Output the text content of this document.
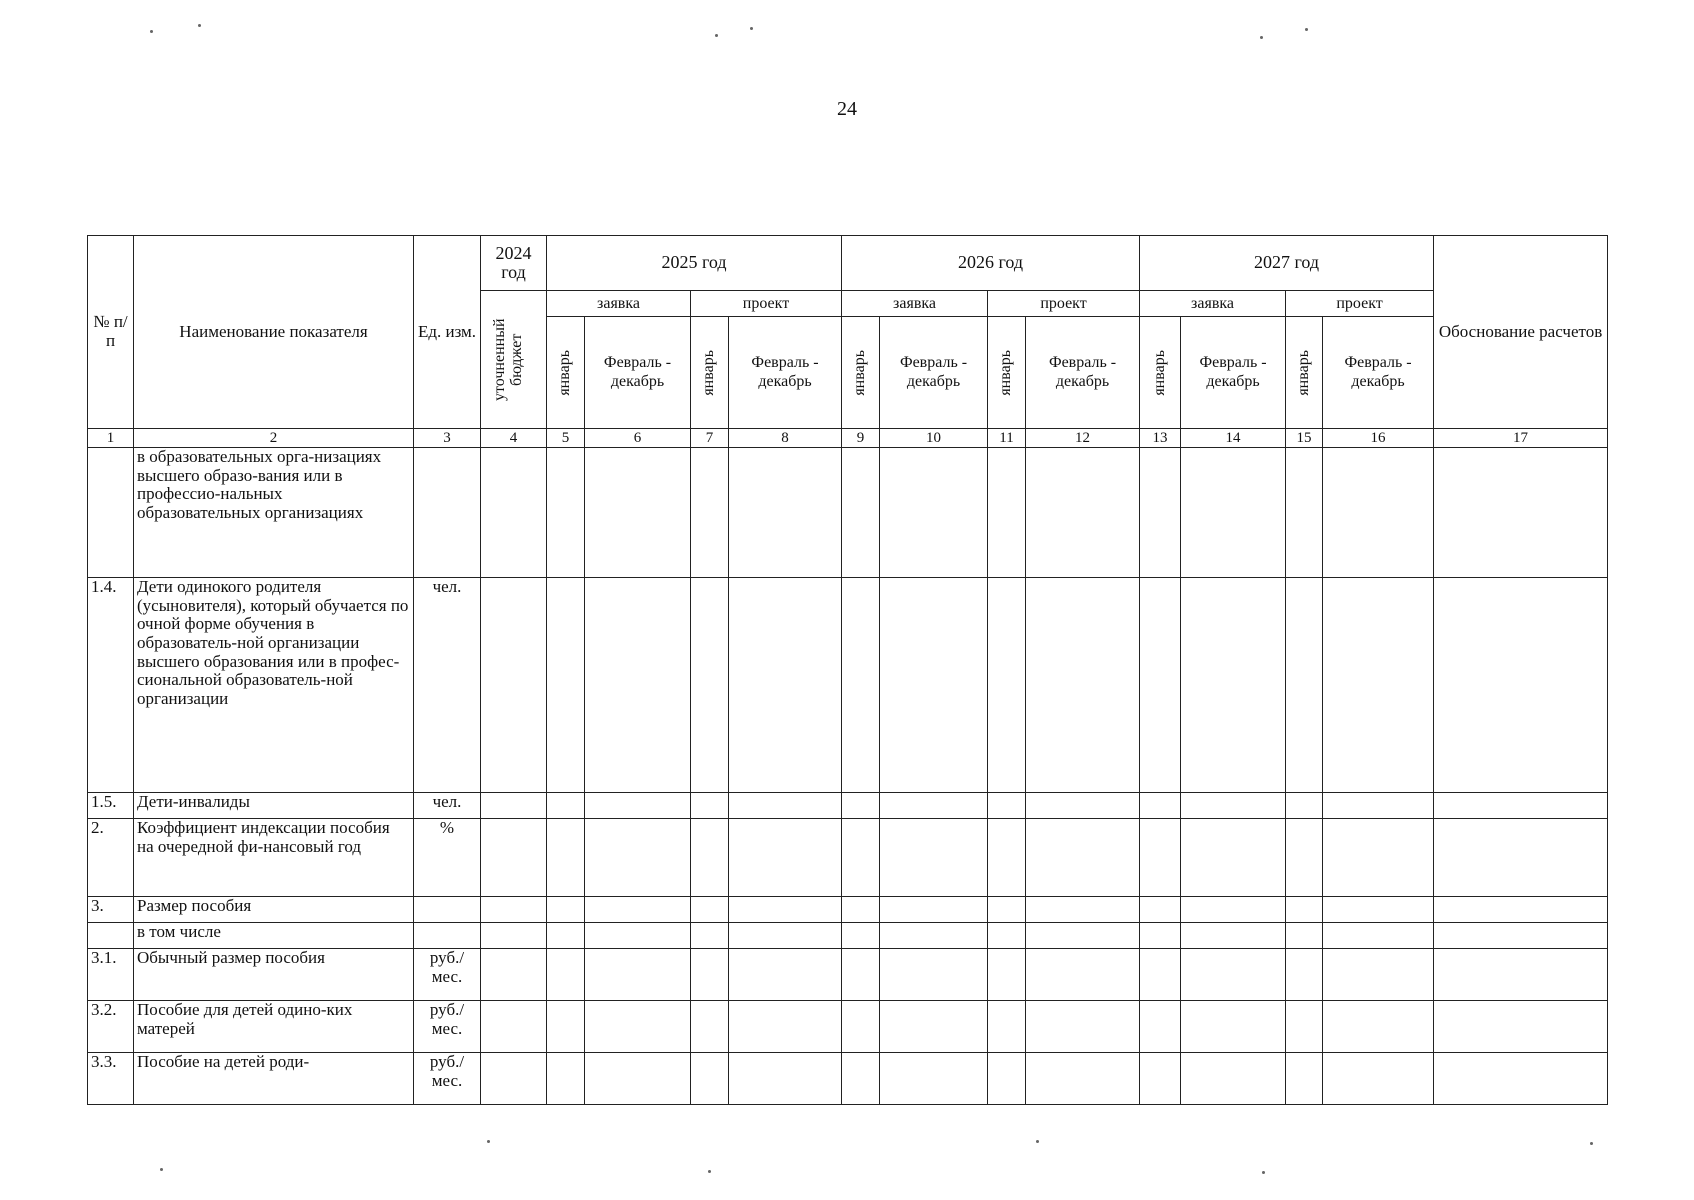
24
№ п/п	Наименование показателя	Ед. изм.	2024 год	2025 год				2026 год				2027 год				Обоснование расчетов

			уточненный бюджет	заявка		проект		заявка		проект		заявка		проект		

				январь	Февраль - декабрь	январь	Февраль - декабрь	январь	Февраль - декабрь	январь	Февраль - декабрь	январь	Февраль - декабрь	январь	Февраль - декабрь	
1	2	3	4	5	6	7	8	9	10	11	12	13	14	15	16	17
	в образовательных орга-низациях высшего образо-вания или в профессио-нальных образовательных организациях															
1.4.	Дети одинокого родителя (усыновителя), который обучается по очной форме обучения в образователь-ной организации высшего образования или в профес-сиональной образователь-ной организации	чел.														
1.5.	Дети-инвалиды	чел.														
2.	Коэффициент индексации пособия на очередной фи-нансовый год	%														
3.	Размер пособия															
	в том числе															
3.1.	Обычный размер пособия	руб./мес.														
3.2.	Пособие для детей одино-ких матерей	руб./мес.														
3.3.	Пособие на детей роди-	руб./мес.														
